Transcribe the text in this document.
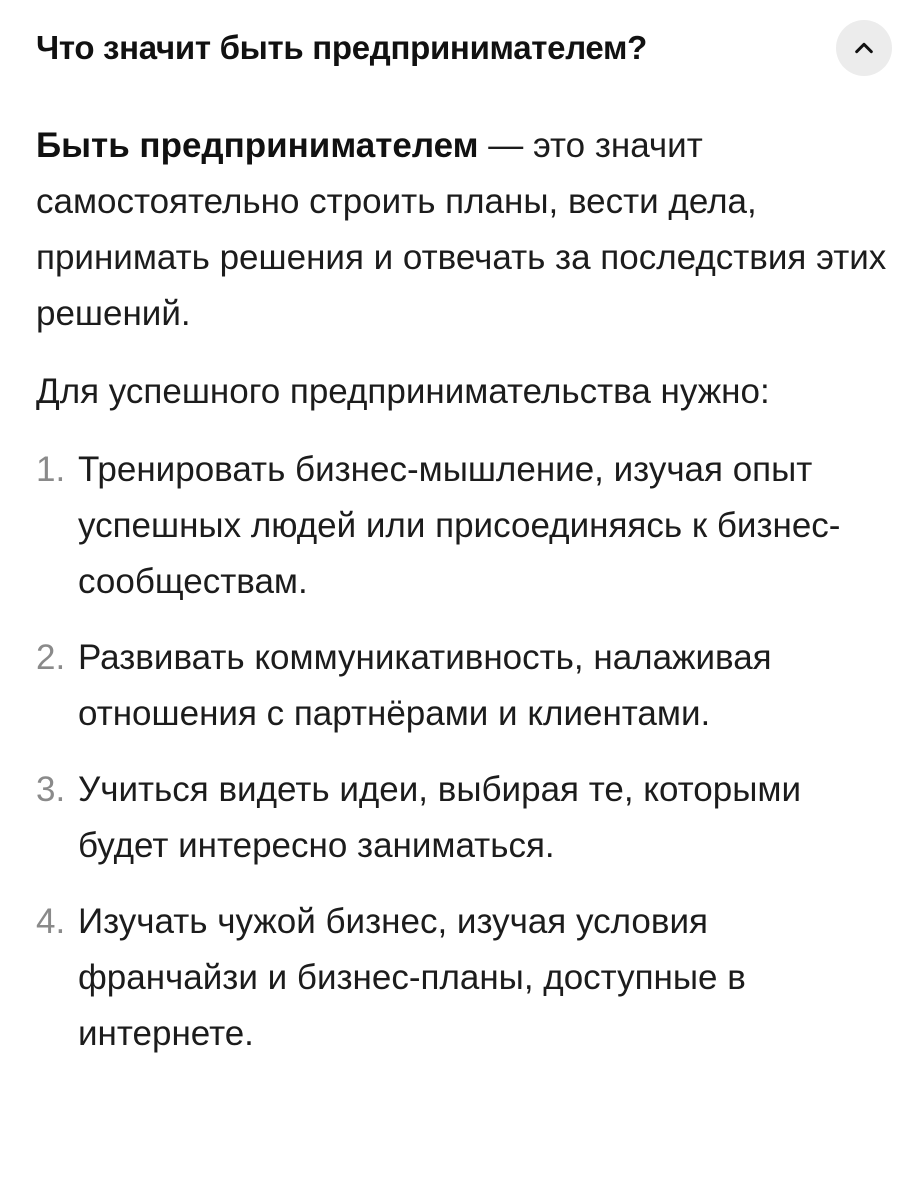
Что значит быть предпринимателем?

Быть предпринимателем — это значит самостоятельно строить планы, вести дела, принимать решения и отвечать за последствия этих решений.

Для успешного предпринимательства нужно:

1. Тренировать бизнес-мышление, изучая опыт успешных людей или присоединяясь к бизнес-сообществам.
2. Развивать коммуникативность, налаживая отношения с партнёрами и клиентами.
3. Учиться видеть идеи, выбирая те, которыми будет интересно заниматься.
4. Изучать чужой бизнес, изучая условия франчайзи и бизнес-планы, доступные в интернете.
